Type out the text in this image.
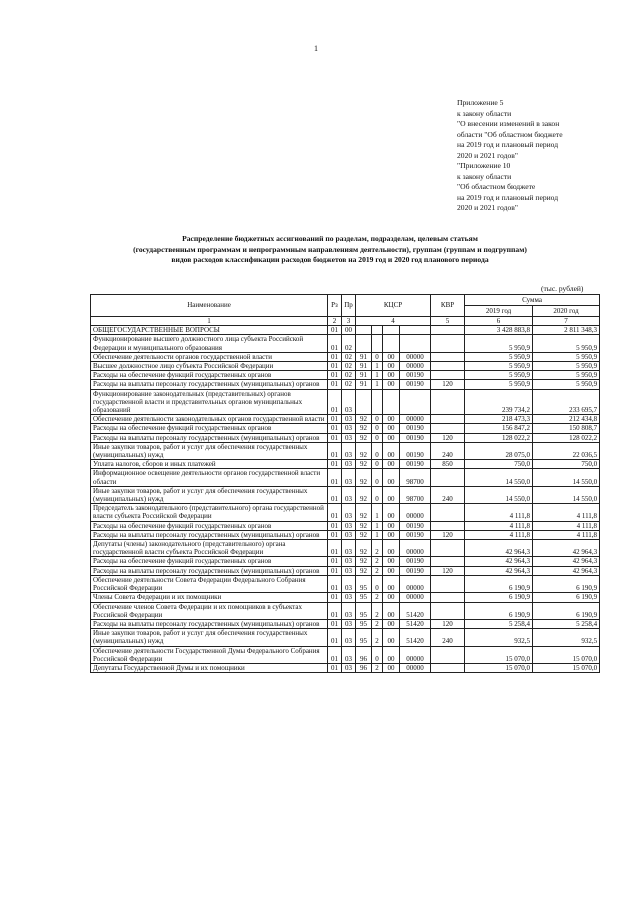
1
Приложение 5
к закону области
"О внесении изменений в закон
области "Об областном бюджете
на 2019 год и плановый период
2020 и 2021 годов"
"Приложение 10
к закону области
"Об областном бюджете
на 2019 год и плановый период
2020 и 2021 годов"
Распределение бюджетных ассигнований по разделам, подразделам, целевым статьям
(государственным программам и непрограммным направлениям деятельности), группам (группам и подгруппам)
видов расходов классификации расходов бюджетов на 2019 год и 2020 год планового периода
(тыс. рублей)
Наименование	Рз	Пр	КЦСР				КВР	Сумма	
								2019 год	2020 год
1	2	3	4				5	6	7
ОБЩЕГОСУДАРСТВЕННЫЕ ВОПРОСЫ	01	00						3 428 883,8	2 811 348,3
Функционирование высшего должностного лица субъекта Российской Федерации и муниципального образования	01	02						5 950,9	5 950,9
Обеспечение деятельности органов государственной власти	01	02	91	0	00	00000		5 950,9	5 950,9
Высшее должностное лицо субъекта Российской Федерации	01	02	91	1	00	00000		5 950,9	5 950,9
Расходы на обеспечение функций государственных органов	01	02	91	1	00	00190		5 950,9	5 950,9
Расходы на выплаты персоналу государственных (муниципальных) органов	01	02	91	1	00	00190	120	5 950,9	5 950,9
Функционирование законодательных (представительных) органов государственной власти и представительных органов муниципальных образований	01	03						239 734,2	233 695,7
Обеспечение деятельности законодательных органов государственной власти	01	03	92	0	00	00000		218 473,3	212 434,8
Расходы на обеспечение функций государственных органов	01	03	92	0	00	00190		156 847,2	150 808,7
Расходы на выплаты персоналу государственных (муниципальных) органов	01	03	92	0	00	00190	120	128 022,2	128 022,2
Иные закупки товаров, работ и услуг для обеспечения государственных (муниципальных) нужд	01	03	92	0	00	00190	240	28 075,0	22 036,5
Уплата налогов, сборов и иных платежей	01	03	92	0	00	00190	850	750,0	750,0
Информационное освещение деятельности органов государственной власти области	01	03	92	0	00	98700		14 550,0	14 550,0
Иные закупки товаров, работ и услуг для обеспечения государственных (муниципальных) нужд	01	03	92	0	00	98700	240	14 550,0	14 550,0
Председатель законодательного (представительного) органа государственной власти субъекта Российской Федерации	01	03	92	1	00	00000		4 111,8	4 111,8
Расходы на обеспечение функций государственных органов	01	03	92	1	00	00190		4 111,8	4 111,8
Расходы на выплаты персоналу государственных (муниципальных) органов	01	03	92	1	00	00190	120	4 111,8	4 111,8
Депутаты (члены) законодательного (представительного) органа государственной власти субъекта Российской Федерации	01	03	92	2	00	00000		42 964,3	42 964,3
Расходы на обеспечение функций государственных органов	01	03	92	2	00	00190		42 964,3	42 964,3
Расходы на выплаты персоналу государственных (муниципальных) органов	01	03	92	2	00	00190	120	42 964,3	42 964,3
Обеспечение деятельности Совета Федерации Федерального Собрания Российской Федерации	01	03	95	0	00	00000		6 190,9	6 190,9
Члены Совета Федерации и их помощники	01	03	95	2	00	00000		6 190,9	6 190,9
Обеспечение членов Совета Федерации и их помощников в субъектах Российской Федерации	01	03	95	2	00	51420		6 190,9	6 190,9
Расходы на выплаты персоналу государственных (муниципальных) органов	01	03	95	2	00	51420	120	5 258,4	5 258,4
Иные закупки товаров, работ и услуг для обеспечения государственных (муниципальных) нужд	01	03	95	2	00	51420	240	932,5	932,5
Обеспечение деятельности Государственной Думы Федерального Собрания Российской Федерации	01	03	96	0	00	00000		15 070,0	15 070,0
Депутаты Государственной Думы и их помощники	01	03	96	2	00	00000		15 070,0	15 070,0
